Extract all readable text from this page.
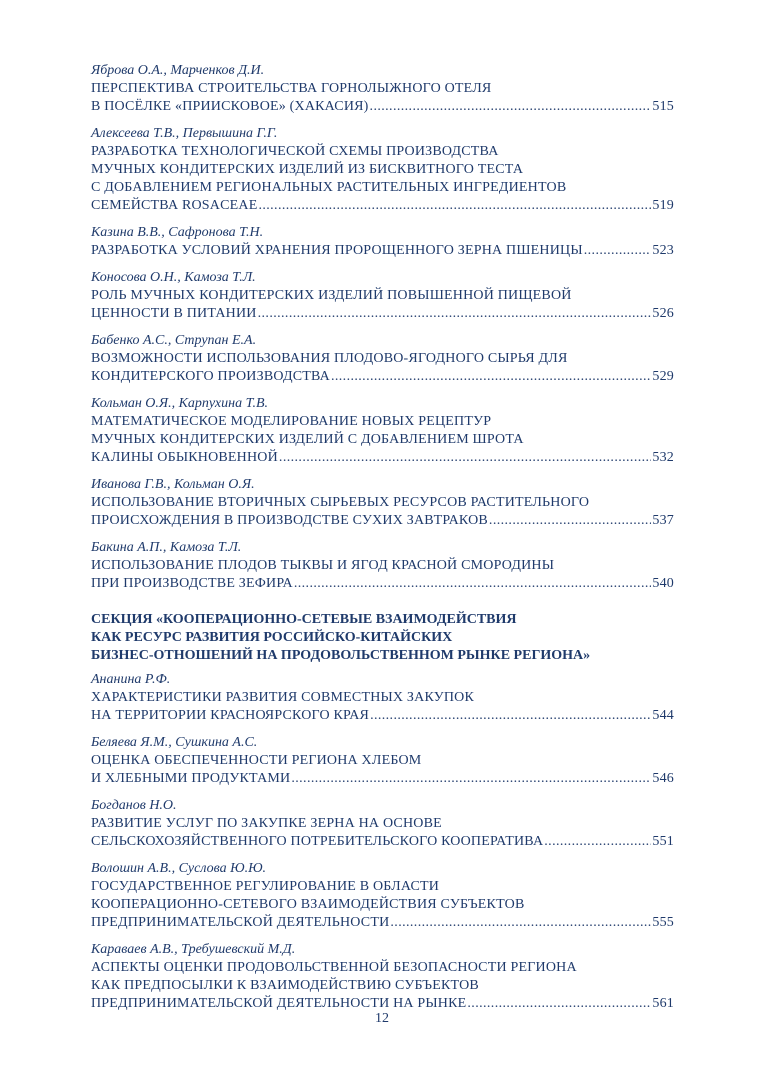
Яброва О.А., Марченков Д.И.
ПЕРСПЕКТИВА СТРОИТЕЛЬСТВА ГОРНОЛЫЖНОГО ОТЕЛЯ
В ПОСЁЛКЕ «ПРИИСКОВОЕ» (ХАКАСИЯ) .....	515
Алексеева Т.В., Первышина Г.Г.
РАЗРАБОТКА ТЕХНОЛОГИЧЕСКОЙ СХЕМЫ ПРОИЗВОДСТВА
МУЧНЫХ КОНДИТЕРСКИХ ИЗДЕЛИЙ ИЗ БИСКВИТНОГО ТЕСТА
С ДОБАВЛЕНИЕМ РЕГИОНАЛЬНЫХ РАСТИТЕЛЬНЫХ ИНГРЕДИЕНТОВ
СЕМЕЙСТВА ROSACEAE .....	519
Казина В.В., Сафронова Т.Н.
РАЗРАБОТКА УСЛОВИЙ ХРАНЕНИЯ ПРОРОЩЕННОГО ЗЕРНА ПШЕНИЦЫ .....	523
Коносова О.Н., Камоза Т.Л.
РОЛЬ МУЧНЫХ КОНДИТЕРСКИХ ИЗДЕЛИЙ ПОВЫШЕННОЙ ПИЩЕВОЙ
ЦЕННОСТИ В ПИТАНИИ .....	526
Бабенко А.С., Струпан Е.А.
ВОЗМОЖНОСТИ ИСПОЛЬЗОВАНИЯ ПЛОДОВО-ЯГОДНОГО СЫРЬЯ ДЛЯ
КОНДИТЕРСКОГО ПРОИЗВОДСТВА .....	529
Кольман О.Я., Карпухина Т.В.
МАТЕМАТИЧЕСКОЕ МОДЕЛИРОВАНИЕ НОВЫХ РЕЦЕПТУР
МУЧНЫХ КОНДИТЕРСКИХ ИЗДЕЛИЙ С ДОБАВЛЕНИЕМ ШРОТА
КАЛИНЫ ОБЫКНОВЕННОЙ .....	532
Иванова Г.В., Кольман О.Я.
ИСПОЛЬЗОВАНИЕ ВТОРИЧНЫХ СЫРЬЕВЫХ РЕСУРСОВ РАСТИТЕЛЬНОГО
ПРОИСХОЖДЕНИЯ В ПРОИЗВОДСТВЕ СУХИХ ЗАВТРАКОВ .....	537
Бакина А.П., Камоза Т.Л.
ИСПОЛЬЗОВАНИЕ ПЛОДОВ ТЫКВЫ И ЯГОД КРАСНОЙ СМОРОДИНЫ
ПРИ ПРОИЗВОДСТВЕ ЗЕФИРА .....	540
СЕКЦИЯ «КООПЕРАЦИОННО-СЕТЕВЫЕ ВЗАИМОДЕЙСТВИЯ
КАК РЕСУРС РАЗВИТИЯ РОССИЙСКО-КИТАЙСКИХ
БИЗНЕС-ОТНОШЕНИЙ НА ПРОДОВОЛЬСТВЕННОМ РЫНКЕ РЕГИОНА»
Ананина Р.Ф.
ХАРАКТЕРИСТИКИ РАЗВИТИЯ СОВМЕСТНЫХ ЗАКУПОК
НА ТЕРРИТОРИИ КРАСНОЯРСКОГО КРАЯ .....	544
Беляева Я.М., Сушкина А.С.
ОЦЕНКА ОБЕСПЕЧЕННОСТИ РЕГИОНА ХЛЕБОМ
И ХЛЕБНЫМИ ПРОДУКТАМИ .....	546
Богданов Н.О.
РАЗВИТИЕ УСЛУГ ПО ЗАКУПКЕ ЗЕРНА НА ОСНОВЕ
СЕЛЬСКОХОЗЯЙСТВЕННОГО ПОТРЕБИТЕЛЬСКОГО КООПЕРАТИВА .....	551
Волошин А.В., Суслова Ю.Ю.
ГОСУДАРСТВЕННОЕ РЕГУЛИРОВАНИЕ В ОБЛАСТИ
КООПЕРАЦИОННО-СЕТЕВОГО ВЗАИМОДЕЙСТВИЯ СУБЪЕКТОВ
ПРЕДПРИНИМАТЕЛЬСКОЙ ДЕЯТЕЛЬНОСТИ .....	555
Караваев А.В., Требушевский М.Д.
АСПЕКТЫ ОЦЕНКИ ПРОДОВОЛЬСТВЕННОЙ БЕЗОПАСНОСТИ РЕГИОНА
КАК ПРЕДПОСЫЛКИ К ВЗАИМОДЕЙСТВИЮ СУБЪЕКТОВ
ПРЕДПРИНИМАТЕЛЬСКОЙ ДЕЯТЕЛЬНОСТИ НА РЫНКЕ .....	561
12
